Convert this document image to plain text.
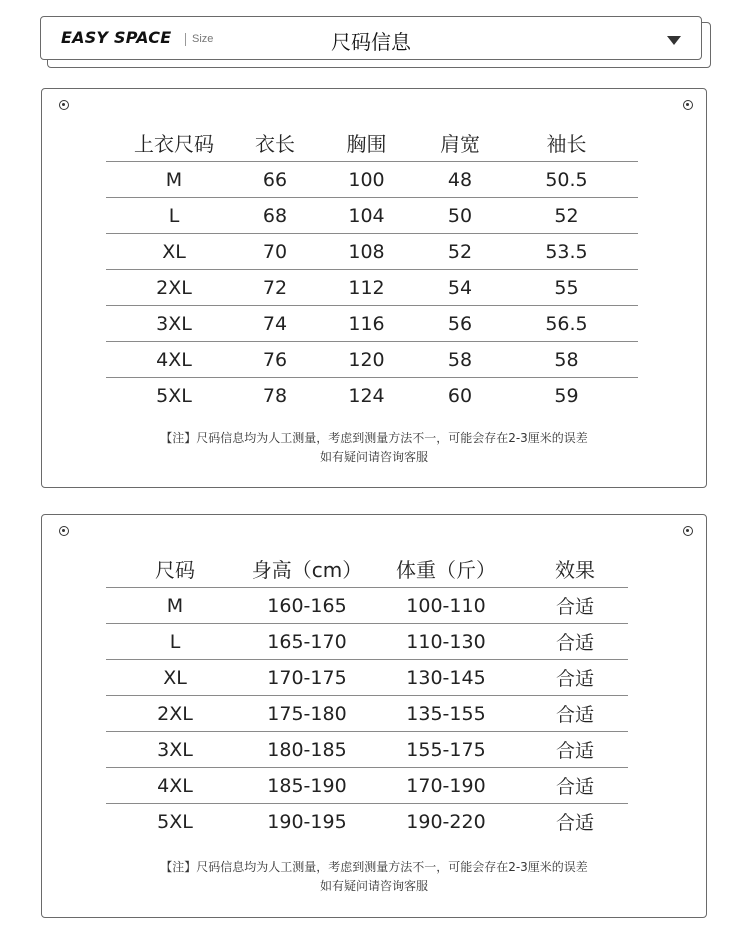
EASY SPACE Size	尺码信息
上衣尺码	衣长	胸围	肩宽	袖长
M	66	100	48	50.5
L	68	104	50	52
XL	70	108	52	53.5
2XL	72	112	54	55
3XL	74	116	56	56.5
4XL	76	120	58	58
5XL	78	124	60	59
【注】尺码信息均为人工测量，考虑到测量方法不一，可能会存在2-3厘米的误差
如有疑问请咨询客服
尺码	身高（cm）	体重（斤）	效果
M	160-165	100-110	合适
L	165-170	110-130	合适
XL	170-175	130-145	合适
2XL	175-180	135-155	合适
3XL	180-185	155-175	合适
4XL	185-190	170-190	合适
5XL	190-195	190-220	合适
【注】尺码信息均为人工测量，考虑到测量方法不一，可能会存在2-3厘米的误差
如有疑问请咨询客服
